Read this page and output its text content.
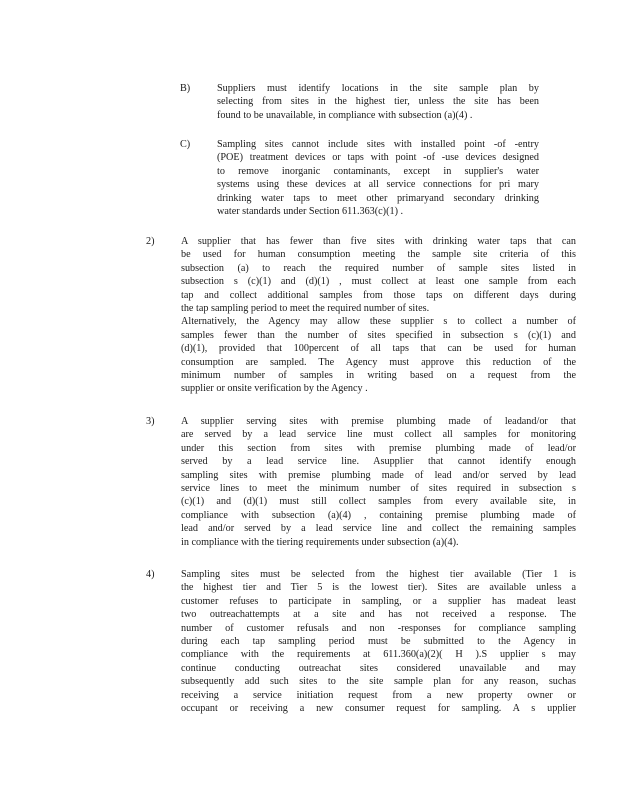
B)	Suppliers must identify locations in the site sample plan by
selecting from sites in the highest tier, unless the site has been
found to be unavailable, in compliance with subsection (a)(4) .
C)	Sampling sites cannot include sites with installed point -of -entry
(POE) treatment devices or taps with point -of -use devices designed
to remove inorganic contaminants, except in supplier's water
systems using these devices at all service connections for pri mary
drinking water taps to meet other primaryand secondary drinking
water standards under Section 611.363(c)(1) .
2)	A supplier that has fewer than five sites with drinking water taps that can
be used for human consumption meeting the sample site criteria of this
subsection (a) to reach the required number of sample sites listed in
subsection s (c)(1) and (d)(1) , must collect at least one sample from each
tap and collect additional samples from those taps on different days during
the tap sampling period to meet the required number of sites.
Alternatively, the Agency may allow these supplier s to collect a number of
samples fewer than the number of sites specified in subsection s (c)(1) and
(d)(1), provided that 100percent of all taps that can be used for human
consumption are sampled. The Agency must approve this reduction of the
minimum number of samples in writing based on a request from the
supplier or onsite verification by the Agency .
3)	A supplier serving sites with premise plumbing made of leadand/or that
are served by a lead service line must collect all samples for monitoring
under this section from sites with premise plumbing made of lead/or
served by a lead service line. Asupplier that cannot identify enough
sampling sites with premise plumbing made of lead and/or served by lead
service lines to meet the minimum number of sites required in subsection s
(c)(1) and (d)(1) must still collect samples from every available site, in
compliance with subsection (a)(4) , containing premise plumbing made of
lead and/or served by a lead service line and collect the remaining samples
in compliance with the tiering requirements under subsection (a)(4).
4)	Sampling sites must be selected from the highest tier available (Tier 1 is
the highest tier and Tier 5 is the lowest tier). Sites are available unless a
customer refuses to participate in sampling, or a supplier has madeat least
two outreachattempts at a site and has not received a response. The
number of customer refusals and non -responses for compliance sampling
during each tap sampling period must be submitted to the Agency in
compliance with the requirements at 611.360(a)(2)( H ).S upplier s may
continue conducting outreachat sites considered unavailable and may
subsequently add such sites to the site sample plan for any reason, suchas
receiving a service initiation request from a new property owner or
occupant or receiving a new consumer request for sampling. A s upplier
